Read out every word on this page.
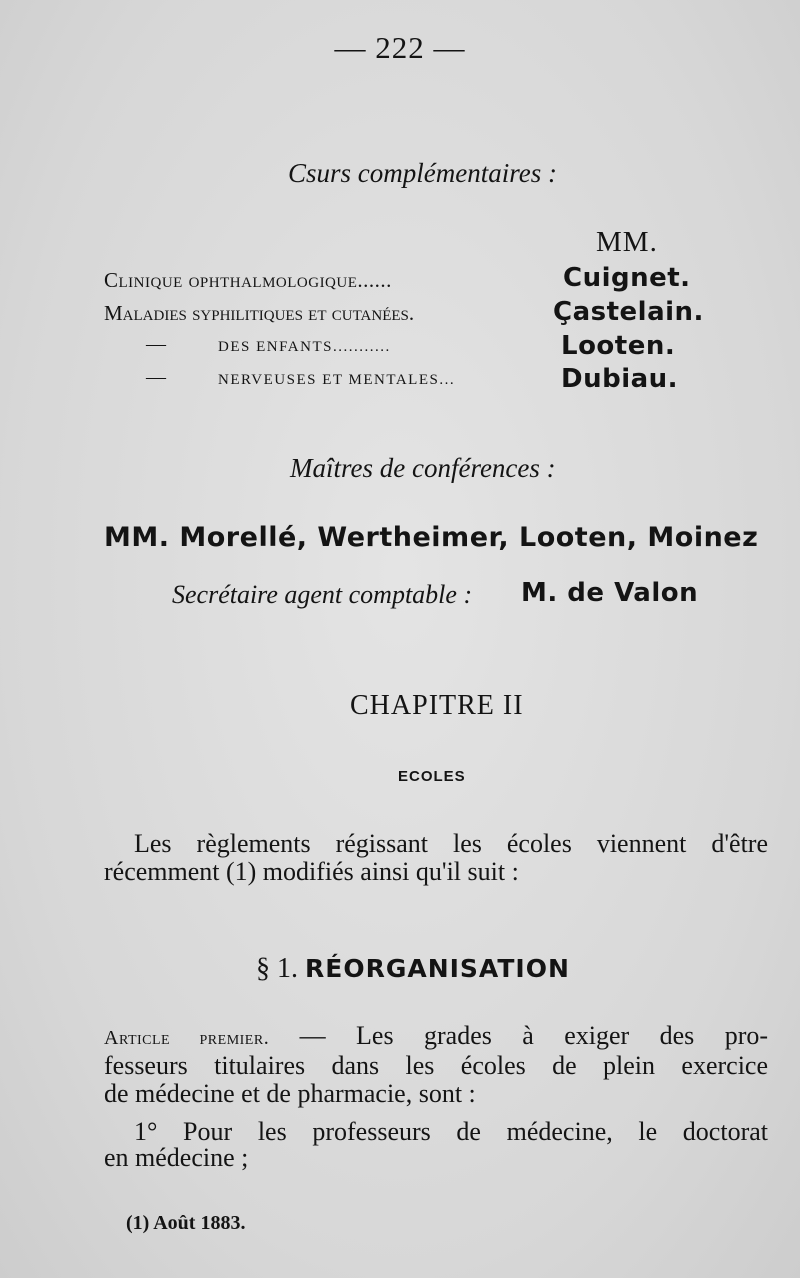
— 222 —
Csurs complémentaires :
MM.
Clinique ophthalmologique......	Cuignet.
Maladies syphilitiques et cutanées.	Çastelain.
—	DES ENFANTS...........	Looten.
—	NERVEUSES ET MENTALES...	Dubiau.
Maîtres de conférences :
MM. Morellé, Wertheimer, Looten, Moinez
Secrétaire agent comptable : M. de Valon
CHAPITRE II
ECOLES
Les règlements régissant les écoles viennent d'être
récemment (1) modifiés ainsi qu'il suit :
§ 1. RÉORGANISATION
Article premier. — Les grades à exiger des pro-
fesseurs titulaires dans les écoles de plein exercice
de médecine et de pharmacie, sont :
1° Pour les professeurs de médecine, le doctorat
en médecine ;
(1) Août 1883.
